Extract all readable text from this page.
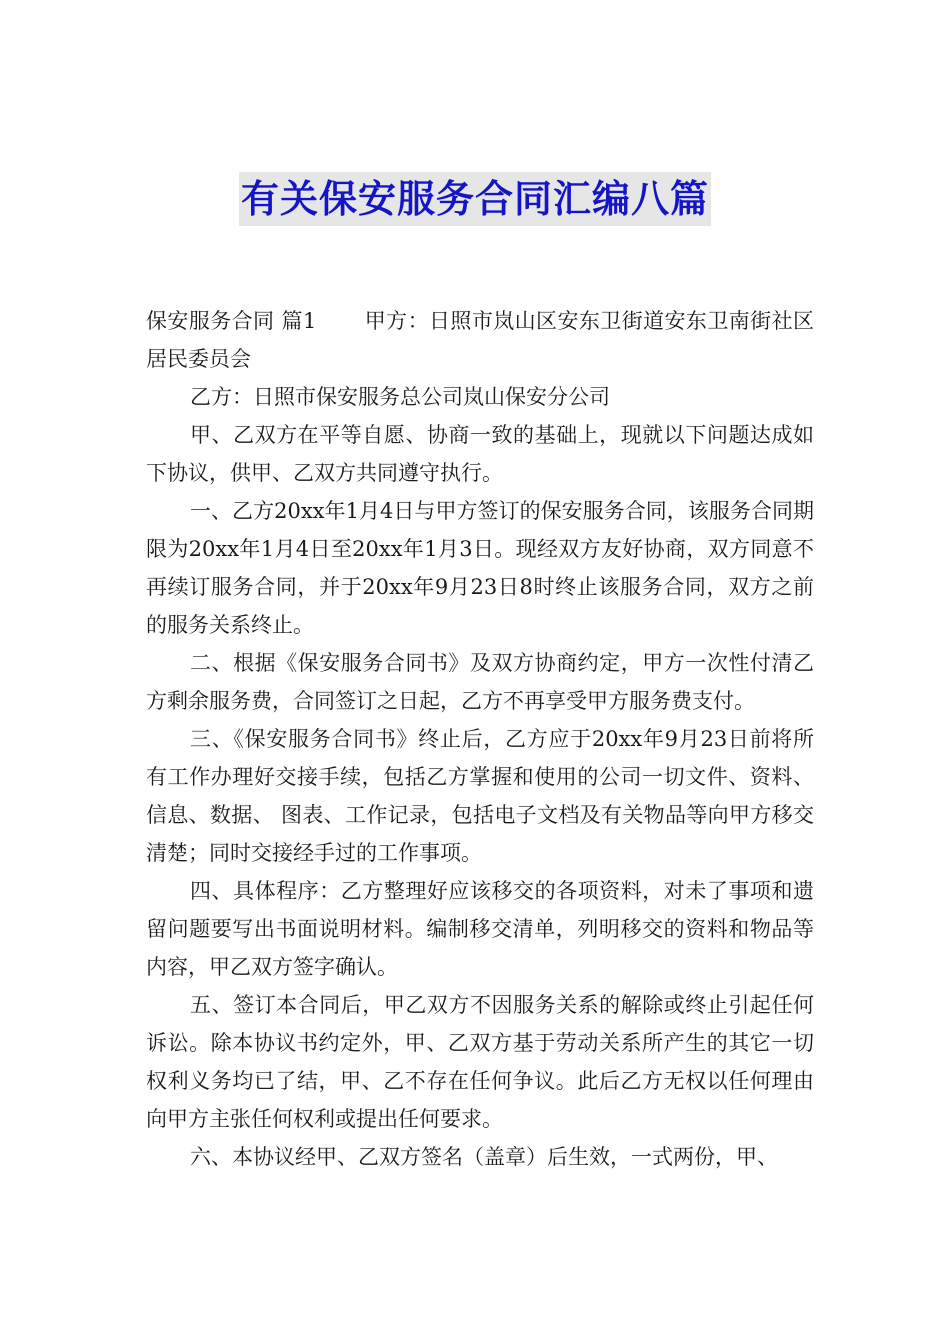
有关保安服务合同汇编八篇

保安服务合同 篇1 甲方：日照市岚山区安东卫街道安东卫南街社区居民委员会

乙方：日照市保安服务总公司岚山保安分公司

甲、乙双方在平等自愿、协商一致的基础上，现就以下问题达成如下协议，供甲、乙双方共同遵守执行。

一、乙方20xx年1月4日与甲方签订的保安服务合同，该服务合同期限为20xx年1月4日至20xx年1月3日。现经双方友好协商，双方同意不再续订服务合同，并于20xx年9月23日8时终止该服务合同，双方之前的服务关系终止。

二、根据《保安服务合同书》及双方协商约定，甲方一次性付清乙方剩余服务费，合同签订之日起，乙方不再享受甲方服务费支付。

三、《保安服务合同书》终止后，乙方应于20xx年9月23日前将所有工作办理好交接手续，包括乙方掌握和使用的公司一切文件、资料、信息、数据、 图表、工作记录，包括电子文档及有关物品等向甲方移交清楚；同时交接经手过的工作事项。

四、具体程序：乙方整理好应该移交的各项资料，对未了事项和遗留问题要写出书面说明材料。编制移交清单，列明移交的资料和物品等内容，甲乙双方签字确认。

五、签订本合同后，甲乙双方不因服务关系的解除或终止引起任何诉讼。除本协议书约定外，甲、乙双方基于劳动关系所产生的其它一切权利义务均已了结，甲、乙不存在任何争议。此后乙方无权以任何理由向甲方主张任何权利或提出任何要求。

六、本协议经甲、乙双方签名（盖章）后生效，一式两份，甲、
